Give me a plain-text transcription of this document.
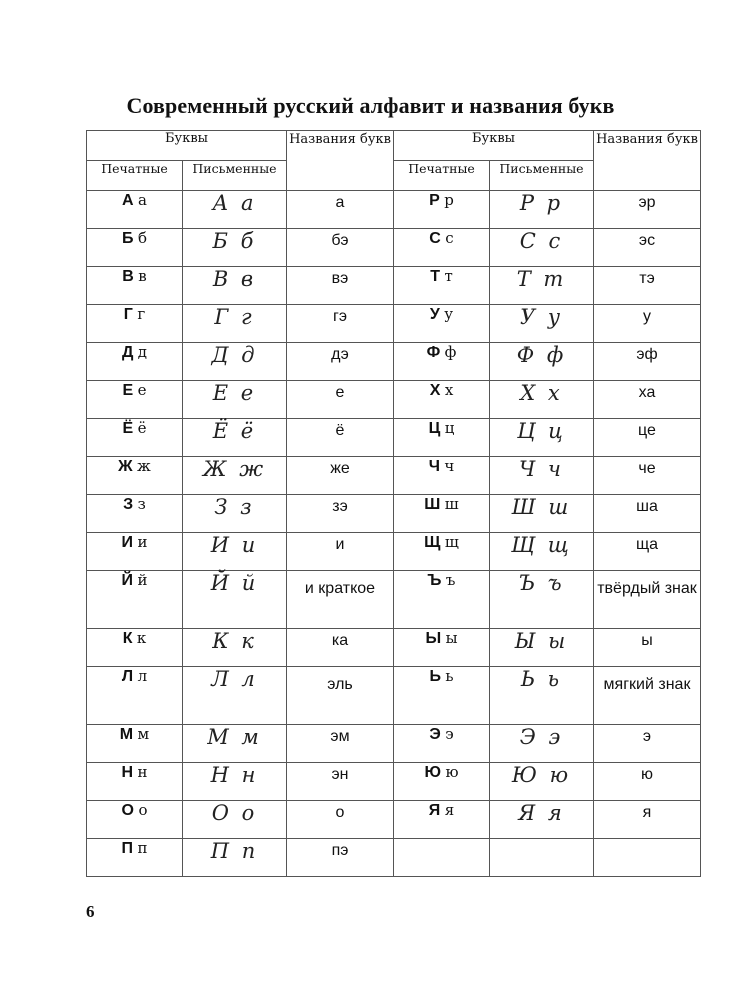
Современный русский алфавит и названия букв
Буквы		Названия букв	Буквы		Названия букв
Печатные	Письменные		Печатные	Письменные	
А а	А а	а	Р р	Р р	эр
Б б	Б б	бэ	С с	С с	эс
В в	В в	вэ	Т т	Т т	тэ
Г г	Г г	гэ	У у	У у	у
Д д	Д д	дэ	Ф ф	Ф ф	эф
Е е	Е е	е	Х х	Х х	ха
Ё ё	Ё ё	ё	Ц ц	Ц ц	це
Ж ж	Ж ж	же	Ч ч	Ч ч	че
З з	З з	зэ	Ш ш	Ш ш	ша
И и	И и	и	Щ щ	Щ щ	ща
Й й	Й й	и краткое	Ъ ъ	Ъ ъ	твёрдый знак
К к	К к	ка	Ы ы	Ы ы	ы
Л л	Л л	эль	Ь ь	Ь ь	мягкий знак
М м	М м	эм	Э э	Э э	э
Н н	Н н	эн	Ю ю	Ю ю	ю
О о	О о	о	Я я	Я я	я
П п	П п	пэ			
6
